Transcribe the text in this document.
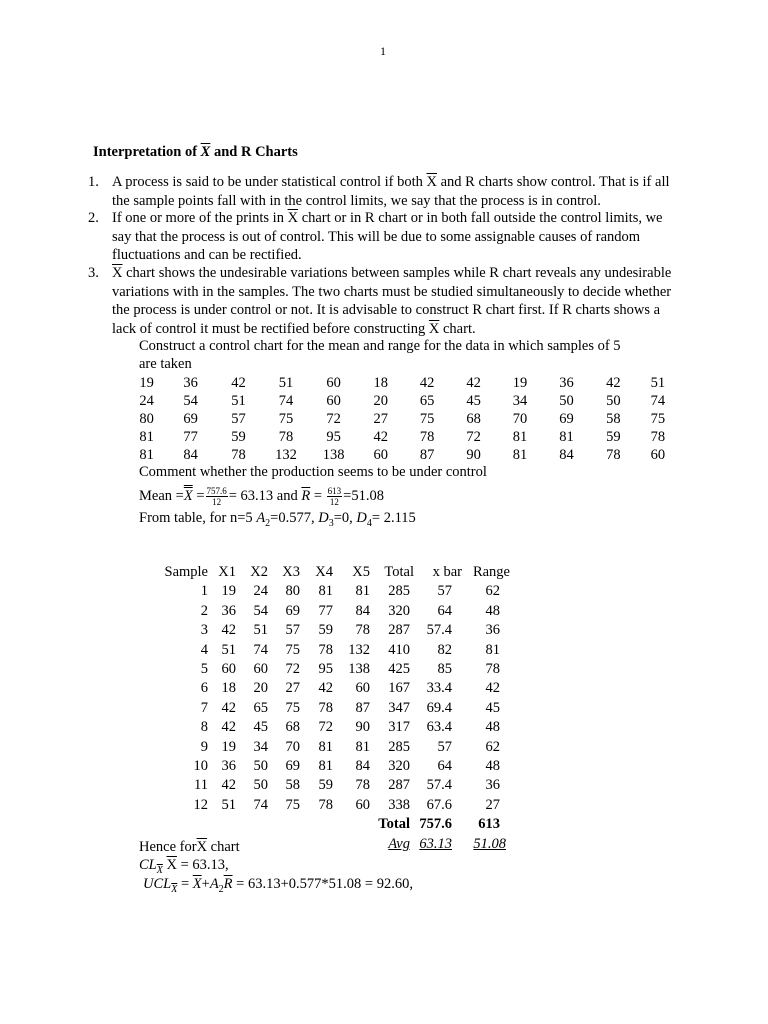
1
Interpretation of $\overline{X}$ and R Charts
1. A process is said to be under statistical control if both $\overline{X}$ and R charts show control. That is if all the sample points fall with in the control limits, we say that the process is in control.
2. If one or more of the prints in $\overline{X}$ chart or in R chart or in both fall outside the control limits, we say that the process is out of control. This will be due to some assignable causes of random fluctuations and can be rectified.
3. $\overline{X}$ chart shows the undesirable variations between samples while R chart reveals any undesirable variations with in the samples. The two charts must be studied simultaneously to decide whether the process is under control or not. It is advisable to construct R chart first. If R charts shows a lack of control it must be rectified before constructing $\overline{X}$ chart.
Construct a control chart for the mean and range for the data in which samples of 5
are taken
19	36	42	51	60	18	42	42	19	36	42	51
24	54	51	74	60	20	65	45	34	50	50	74
80	69	57	75	72	27	75	68	70	69	58	75
81	77	59	78	95	42	78	72	81	81	59	78
81	84	78	132	138	60	87	90	81	84	78	60
Comment whether the production seems to be under control
Mean $=X = \frac{757.6}{12} = 63.13$ and $\overline{R} = \frac{613}{12} =51.08$
From table, for n=5 $A_2=0.577$, $D_3=0$, $D_4= 2.115$
Sample	X1	X2	X3	X4	X5	Total	x bar	Range
1	19	24	80	81	81	285	57	62
2	36	54	69	77	84	320	64	48
3	42	51	57	59	78	287	57.4	36
4	51	74	75	78	132	410	82	81
5	60	60	72	95	138	425	85	78
6	18	20	27	42	60	167	33.4	42
7	42	65	75	78	87	347	69.4	45
8	42	45	68	72	90	317	63.4	48
9	19	34	70	81	81	285	57	62
10	36	50	69	81	84	320	64	48
11	42	50	58	59	78	287	57.4	36
12	51	74	75	78	60	338	67.6	27
						Total	757.6	613
						Avg	63.13	51.08
Hence $for\overline{X}$ chart
$CL_{\overline{X}}$ $\overline{X} = 63.13$,
$UCL_{\overline{X}} = \overline{X}+A_2\overline{R} = 63.13+0.577*51.08 = 92.60$,
